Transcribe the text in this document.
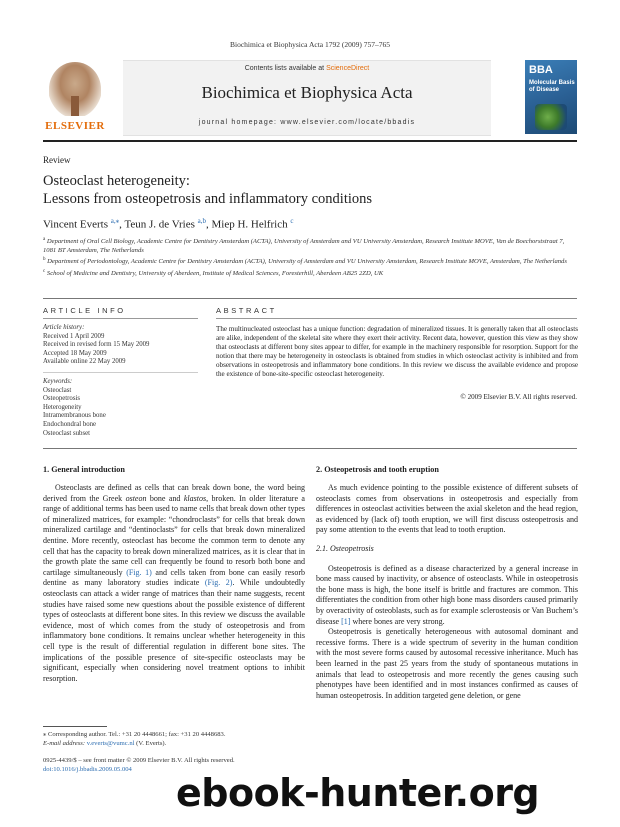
Biochimica et Biophysica Acta 1792 (2009) 757–765
ELSEVIER
Contents lists available at ScienceDirect
Biochimica et Biophysica Acta
journal homepage: www.elsevier.com/locate/bbadis
BBA
Molecular Basis of Disease
Review
Osteoclast heterogeneity:
Lessons from osteopetrosis and inflammatory conditions
Vincent Everts $^{a,⁎}$, Teun J. de Vries $^{a,b}$, Miep H. Helfrich $^c$

$^a$ Department of Oral Cell Biology, Academic Centre for Dentistry Amsterdam (ACTA), University of Amsterdam and VU University Amsterdam, Research Institute MOVE, Van de Boechorststraat 7, 1081 BT Amsterdam, The Netherlands

$^b$ Department of Periodontology, Academic Centre for Dentistry Amsterdam (ACTA), University of Amsterdam and VU University Amsterdam, Research Institute MOVE, Amsterdam, The Netherlands

$^c$ School of Medicine and Dentistry, University of Aberdeen, Institute of Medical Sciences, Foresterhill, Aberdeen AB25 2ZD, UK

ARTICLE INFO	ABSTRACT
Article history:
Received 1 April 2009
Received in revised form 15 May 2009
Accepted 18 May 2009
Available online 22 May 2009
Keywords:
Osteoclast
Osteopetrosis
Heterogeneity
Intramembranous bone
Endochondral bone
Osteoclast subset
The multinucleated osteoclast has a unique function: degradation of mineralized tissues. It is generally taken that all osteoclasts are alike, independent of the skeletal site where they exert their activity. Recent data, however, question this view as they show that osteoclasts at different bony sites appear to differ, for example in the machinery responsible for resorption. Support for the notion that there may be heterogeneity in osteoclasts is obtained from studies in which osteoclast activity is inhibited and from observations in osteopetrosis and inflammatory bone conditions. In this review we discuss the available evidence and propose the existence of bone-site-specific osteoclast heterogeneity.
© 2009 Elsevier B.V. All rights reserved.
1. General introduction

Osteoclasts are defined as cells that can break down bone, the word being derived from the Greek osteon bone and klastos, broken. In older literature a range of additional terms has been used to name cells that break down other types of mineralized matrices, for example: “chondroclasts” for cells that break down mineralized cartilage and “dentinoclasts” for cells that break down mineralized dentine. More recently, osteoclast has become the common term to denote any cell that has the capacity to break down mineralized matrices, as it is clear that in the growth plate the same cell can frequently be found to resorb both bone and cartilage simultaneously (Fig. 1) and cells taken from bone can easily resorb dentine as many laboratory studies indicate (Fig. 2). While undoubtedly osteoclasts can attack a wider range of matrices than their name suggests, recent studies have raised some new questions about the possible existence of different types of osteoclasts at different bone sites. In this review we discuss the available evidence, most of which comes from the study of osteopetrosis and from inflammatory bone conditions. It remains unclear whether heterogeneity in this cell type is the result of differential regulation in different bone sites. The implications of the possible presence of site-specific osteoclasts may be significant, especially when considering novel treatment options to inhibit resorption.

2. Osteopetrosis and tooth eruption

As much evidence pointing to the possible existence of different subsets of osteoclasts comes from observations in osteopetrosis and especially from differences in osteoclast activities between the axial skeleton and the head region, as evidenced by (lack of) tooth eruption, we will first discuss osteopetrosis and pay some attention to the events that lead to tooth eruption.

2.1. Osteopetrosis

Osteopetrosis is defined as a disease characterized by a general increase in bone mass caused by inactivity, or absence of osteoclasts. While in osteopetrosis the bone mass is high, the bone itself is brittle and fractures are common. This differentiates the condition from other high bone mass disorders caused primarily by overactivity of osteoblasts, such as for example sclerosteosis or Van Buchem’s disease [1] where bones are very strong.

Osteopetrosis is genetically heterogeneous with autosomal dominant and recessive forms. There is a wide spectrum of severity in the human condition with the most severe forms caused by autosomal recessive inheritance. Much has been learned in the past 25 years from the study of spontaneous mutations in animals that lead to osteopetrosis and more recently the genes causing such phenotypes have been identified and in most instances confirmed as causes of human osteopetrosis. In addition targeted gene deletion, or gene

⁎ Corresponding author. Tel.: +31 20 4448661; fax: +31 20 4448683.
E-mail address: v.everts@vumc.nl (V. Everts).
0925-4439/$ – see front matter © 2009 Elsevier B.V. All rights reserved.
doi:10.1016/j.bbadis.2009.05.004
ebook-hunter.org
